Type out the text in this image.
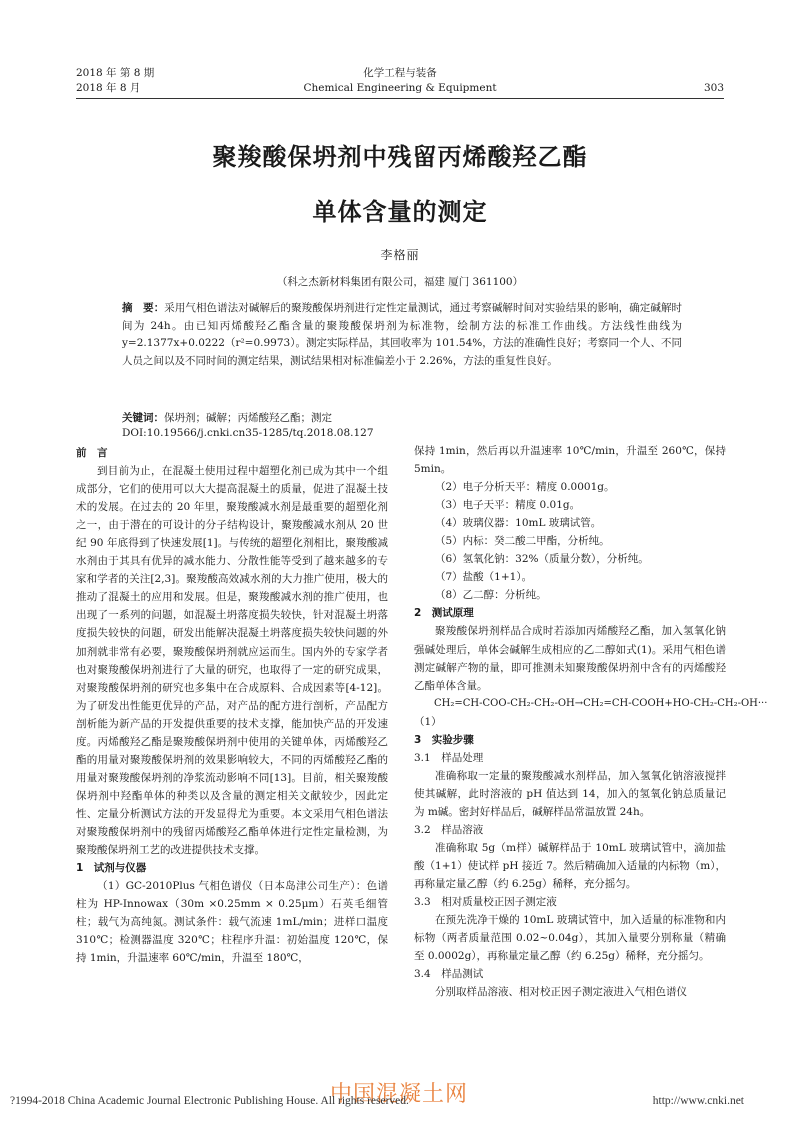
2018 年 第 8 期
2018 年 8 月
化学工程与装备
Chemical Engineering & Equipment	303
聚羧酸保坍剂中残留丙烯酸羟乙酯
单体含量的测定
李格丽
（科之杰新材料集团有限公司，福建 厦门 361100）
摘　要：采用气相色谱法对碱解后的聚羧酸保坍剂进行定性定量测试，通过考察碱解时间对实验结果的影响，确定碱解时间为 24h。由已知丙烯酸羟乙酯含量的聚羧酸保坍剂为标准物，绘制方法的标准工作曲线。方法线性曲线为 y=2.1377x+0.0222（r²=0.9973）。测定实际样品，其回收率为 101.54%，方法的准确性良好；考察同一个人、不同人员之间以及不同时间的测定结果，测试结果相对标准偏差小于 2.26%，方法的重复性良好。
关键词：保坍剂；碱解；丙烯酸羟乙酯；测定
DOI:10.19566/j.cnki.cn35-1285/tq.2018.08.127

前　言

到目前为止，在混凝土使用过程中超塑化剂已成为其中一个组成部分，它们的使用可以大大提高混凝土的质量，促进了混凝土技术的发展。在过去的 20 年里，聚羧酸减水剂是最重要的超塑化剂之一，由于潜在的可设计的分子结构设计，聚羧酸减水剂从 20 世纪 90 年底得到了快速发展[1]。与传统的超塑化剂相比，聚羧酸减水剂由于其具有优异的减水能力、分散性能等受到了越来越多的专家和学者的关注[2,3]。聚羧酸高效减水剂的大力推广使用，极大的推动了混凝土的应用和发展。但是，聚羧酸减水剂的推广使用，也出现了一系列的问题，如混凝土坍落度损失较快，针对混凝土坍落度损失较快的问题，研发出能解决混凝土坍落度损失较快问题的外加剂就非常有必要，聚羧酸保坍剂就应运而生。国内外的专家学者也对聚羧酸保坍剂进行了大量的研究，也取得了一定的研究成果，对聚羧酸保坍剂的研究也多集中在合成原料、合成因素等[4-12]。为了研发出性能更优异的产品，对产品的配方进行剖析，产品配方剖析能为新产品的开发提供重要的技术支撑，能加快产品的开发速度。丙烯酸羟乙酯是聚羧酸保坍剂中使用的关键单体，丙烯酸羟乙酯的用量对聚羧酸保坍剂的效果影响较大，不同的丙烯酸羟乙酯的用量对聚羧酸保坍剂的净浆流动影响不同[13]。目前，相关聚羧酸保坍剂中羟酯单体的种类以及含量的测定相关文献较少，因此定性、定量分析测试方法的开发显得尤为重要。本文采用气相色谱法对聚羧酸保坍剂中的残留丙烯酸羟乙酯单体进行定性定量检测，为聚羧酸保坍剂工艺的改进提供技术支撑。

1　试剂与仪器

（1）GC-2010Plus 气相色谱仪（日本岛津公司生产）：色谱柱为 HP-Innowax（30m ×0.25mm × 0.25μm）石英毛细管柱；载气为高纯氮。测试条件：载气流速 1mL/min；进样口温度 310℃；检测器温度 320℃；柱程序升温：初始温度 120℃，保持 1min，升温速率 60℃/min，升温至 180℃，

保持 1min，然后再以升温速率 10℃/min，升温至 260℃，保持 5min。

（2）电子分析天平：精度 0.0001g。

（3）电子天平：精度 0.01g。

（4）玻璃仪器：10mL 玻璃试管。

（5）内标：癸二酸二甲酯，分析纯。

（6）氢氧化钠：32%（质量分数），分析纯。

（7）盐酸（1+1）。

（8）乙二醇：分析纯。

2　测试原理

聚羧酸保坍剂样品合成时若添加丙烯酸羟乙酯，加入氢氧化钠强碱处理后，单体会碱解生成相应的乙二醇如式(1)。采用气相色谱测定碱解产物的量，即可推测未知聚羧酸保坍剂中含有的丙烯酸羟乙酯单体含量。

CH₂=CH-COO-CH₂-CH₂-OH→CH₂=CH-COOH+HO-CH₂-CH₂-OH···

（1）

3　实验步骤

3.1　样品处理

准确称取一定量的聚羧酸减水剂样品，加入氢氧化钠溶液搅拌使其碱解，此时溶液的 pH 值达到 14，加入的氢氧化钠总质量记为 m碱。密封好样品后，碱解样品常温放置 24h。

3.2　样品溶液

准确称取 5g（m样）碱解样品于 10mL 玻璃试管中，滴加盐酸（1+1）使试样 pH 接近 7。然后精确加入适量的内标物（m），再称量定量乙醇（约 6.25g）稀释，充分摇匀。

3.3　相对质量校正因子测定液

在预先洗净干燥的 10mL 玻璃试管中，加入适量的标准物和内标物（两者质量范围 0.02~0.04g），其加入量要分别称量（精确至 0.0002g），再称量定量乙醇（约 6.25g）稀释，充分摇匀。

3.4　样品测试

分别取样品溶液、相对校正因子测定液进入气相色谱仪

中国混凝土网
?1994-2018 China Academic Journal Electronic Publishing House. All rights reserved.	http://www.cnki.net
